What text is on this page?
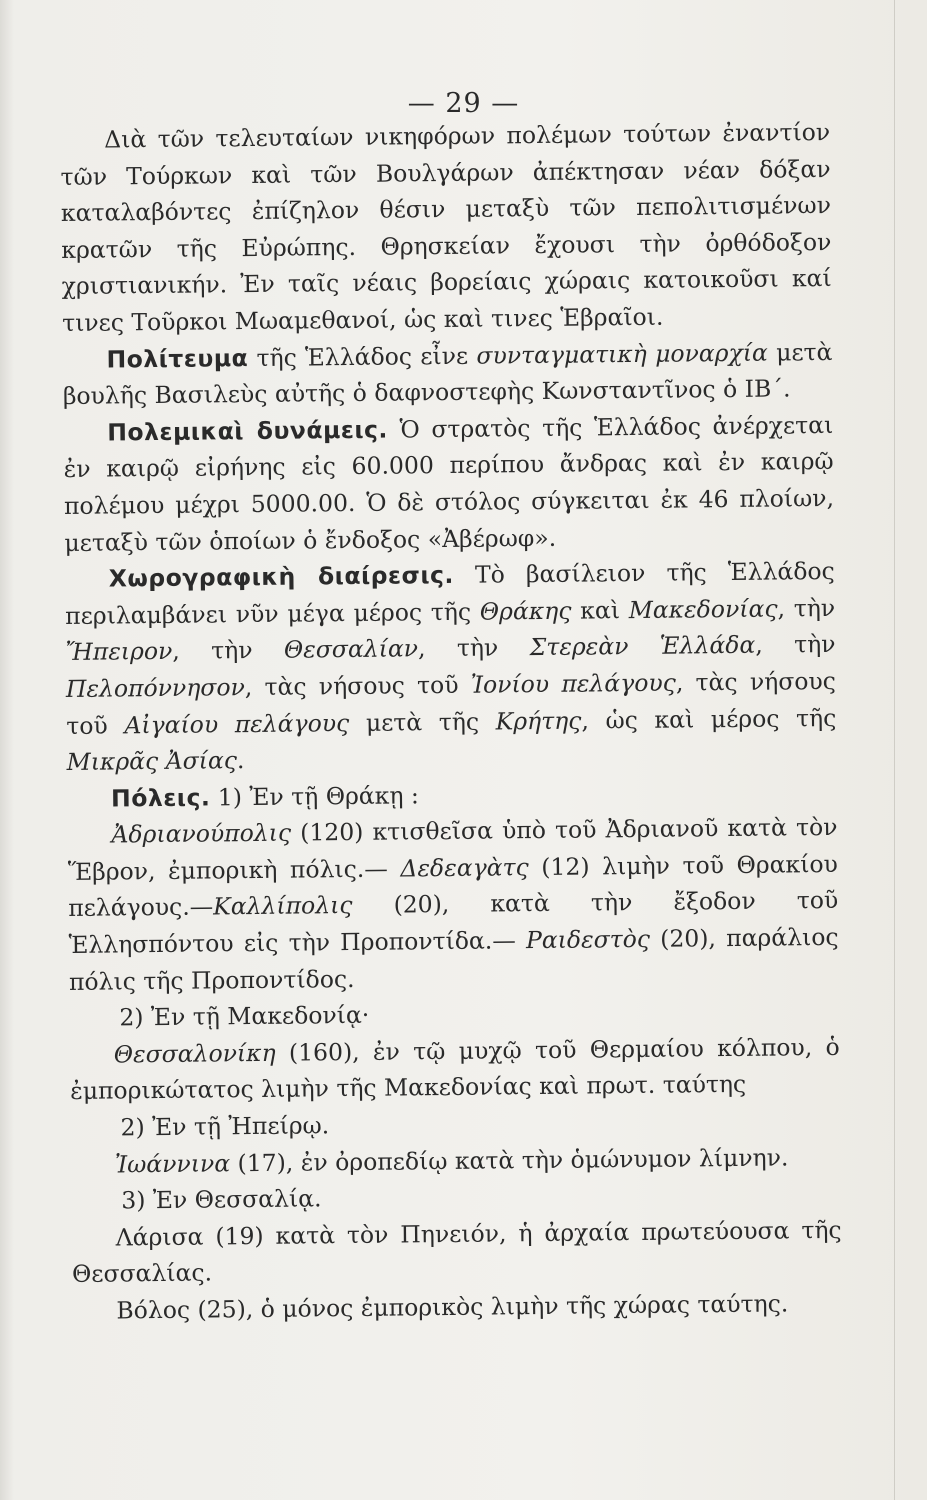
— 29 —

Διὰ τῶν τελευταίων νικηφόρων πολέμων τούτων ἐναντίον τῶν Τούρκων καὶ τῶν Βουλγάρων ἀπέκτησαν νέαν δόξαν καταλαβόντες ἐπίζηλον θέσιν μεταξὺ τῶν πεπολιτισμένων κρατῶν τῆς Εὐρώπης. Θρησκείαν ἔχουσι τὴν ὀρθόδοξον χριστιανικήν. Ἐν ταῖς νέαις βορείαις χώραις κατοικοῦσι καί τινες Τοῦρκοι Μωαμεθανοί, ὡς καὶ τινες Ἑβραῖοι.

Πολίτευμα τῆς Ἑλλάδος εἶνε συνταγματικὴ μοναρχία μετὰ βουλῆς Βασιλεὺς αὐτῆς ὁ δαφνοστεφὴς Κωνσταντῖνος ὁ ΙΒ΄.

Πολεμικαὶ δυνάμεις. Ὁ στρατὸς τῆς Ἑλλάδος ἀνέρχεται ἐν καιρῷ εἰρήνης εἰς 60.000 περίπου ἄνδρας καὶ ἐν καιρῷ πολέμου μέχρι 5000.00. Ὁ δὲ στόλος σύγκειται ἐκ 46 πλοίων, μεταξὺ τῶν ὁποίων ὁ ἔνδοξος «Ἀβέρωφ».

Χωρογραφικὴ διαίρεσις. Τὸ βασίλειον τῆς Ἑλλάδος περιλαμβάνει νῦν μέγα μέρος τῆς Θράκης καὶ Μακεδονίας, τὴν Ἤπειρον, τὴν Θεσσαλίαν, τὴν Στερεὰν Ἑλλάδα, τὴν Πελοπόννησον, τὰς νήσους τοῦ Ἰονίου πελάγους, τὰς νήσους τοῦ Αἰγαίου πελάγους μετὰ τῆς Κρήτης, ὡς καὶ μέρος τῆς Μικρᾶς Ἀσίας.

Πόλεις. 1) Ἐν τῇ Θράκῃ :

Ἀδριανούπολις (120) κτισθεῖσα ὑπὸ τοῦ Ἀδριανοῦ κατὰ τὸν Ἕβρον, ἐμπορικὴ πόλις.— Δεδεαγὰτς (12) λιμὴν τοῦ Θρακίου πελάγους.—Καλλίπολις (20), κατὰ τὴν ἔξοδον τοῦ Ἑλλησπόντου εἰς τὴν Προποντίδα.— Ραιδεστὸς (20), παράλιος πόλις τῆς Προποντίδος.

2) Ἐν τῇ Μακεδονίᾳ·

Θεσσαλονίκη (160), ἐν τῷ μυχῷ τοῦ Θερμαίου κόλπου, ὁ ἐμπορικώτατος λιμὴν τῆς Μακεδονίας καὶ πρωτ. ταύτης

2) Ἐν τῇ Ἠπείρῳ.

Ἰωάννινα (17), ἐν ὀροπεδίῳ κατὰ τὴν ὁμώνυμον λίμνην.

3) Ἐν Θεσσαλίᾳ.

Λάρισα (19) κατὰ τὸν Πηνειόν, ἡ ἀρχαία πρωτεύουσα τῆς Θεσσαλίας.

Βόλος (25), ὁ μόνος ἐμπορικὸς λιμὴν τῆς χώρας ταύτης.
